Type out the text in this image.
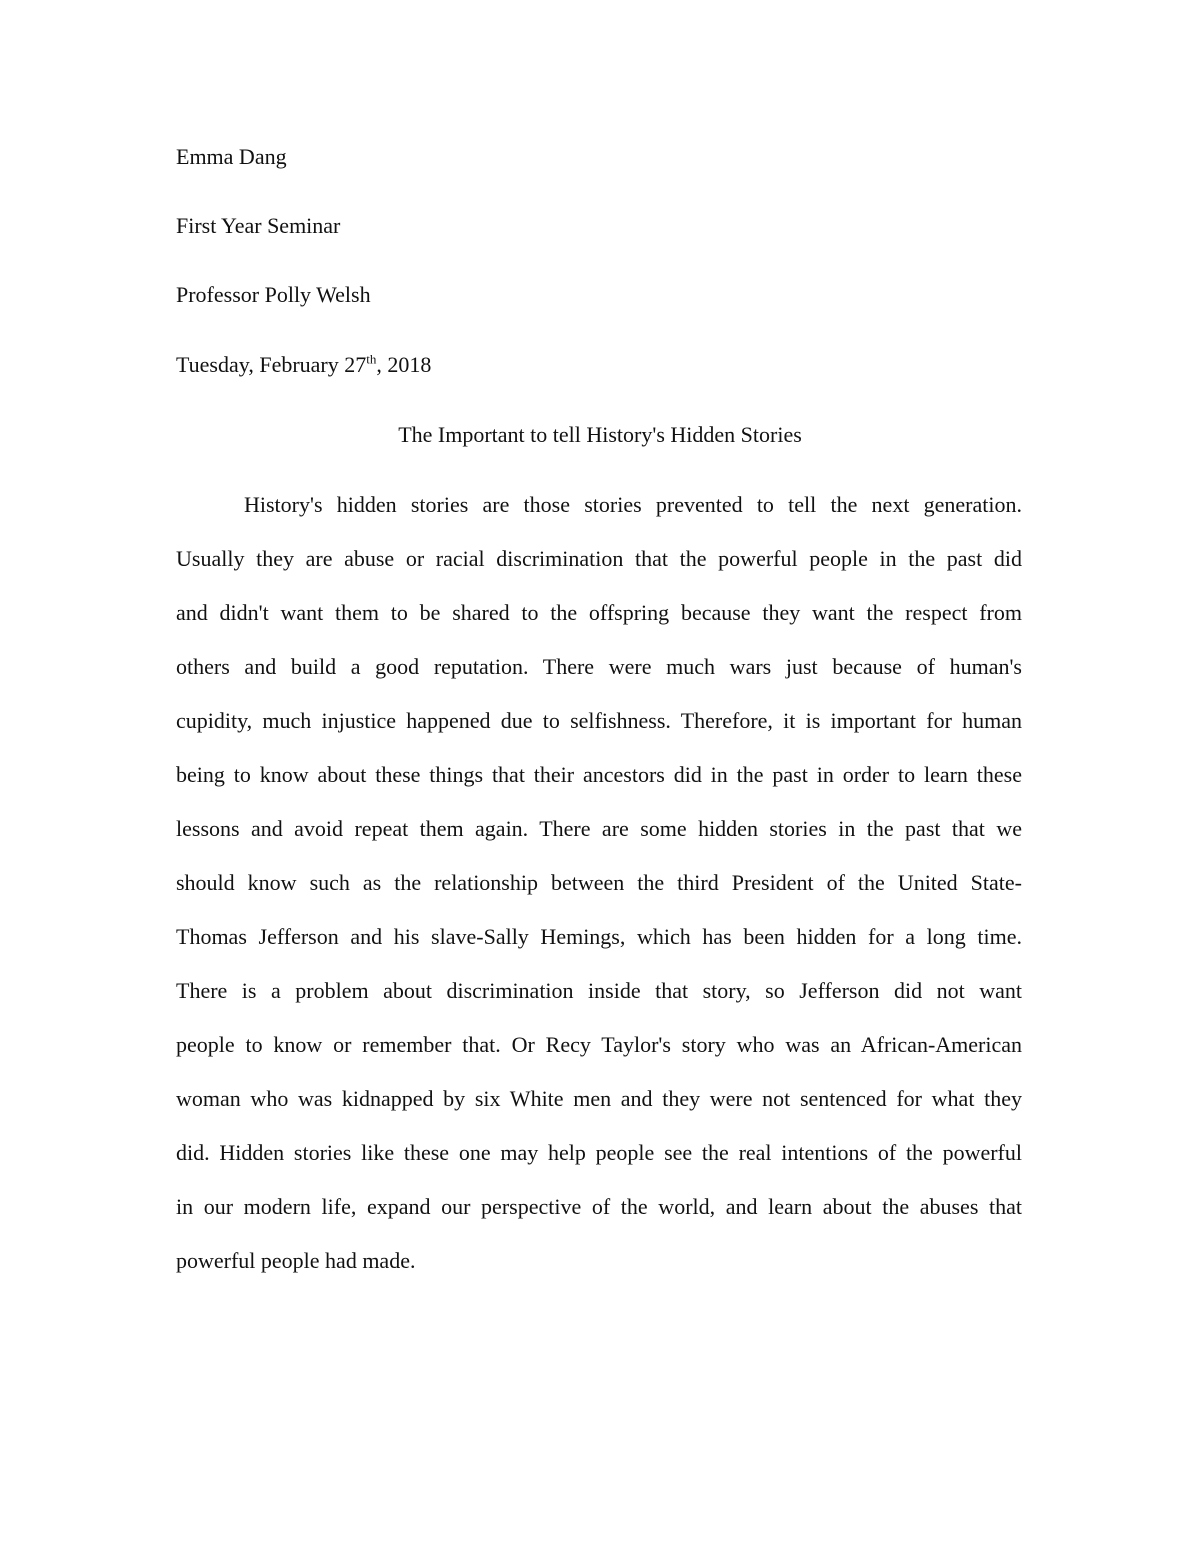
Emma Dang
First Year Seminar
Professor Polly Welsh
Tuesday, February 27th, 2018
The Important to tell History's Hidden Stories
History's hidden stories are those stories prevented to tell the next generation.
Usually they are abuse or racial discrimination that the powerful people in the past did
and didn't want them to be shared to the offspring because they want the respect from
others and build a good reputation. There were much wars just because of human's
cupidity, much injustice happened due to selfishness. Therefore, it is important for human
being to know about these things that their ancestors did in the past in order to learn these
lessons and avoid repeat them again. There are some hidden stories in the past that we
should know such as the relationship between the third President of the United State-
Thomas Jefferson and his slave-Sally Hemings, which has been hidden for a long time.
There is a problem about discrimination inside that story, so Jefferson did not want
people to know or remember that. Or Recy Taylor's story who was an African-American
woman who was kidnapped by six White men and they were not sentenced for what they
did. Hidden stories like these one may help people see the real intentions of the powerful
in our modern life, expand our perspective of the world, and learn about the abuses that
powerful people had made.
